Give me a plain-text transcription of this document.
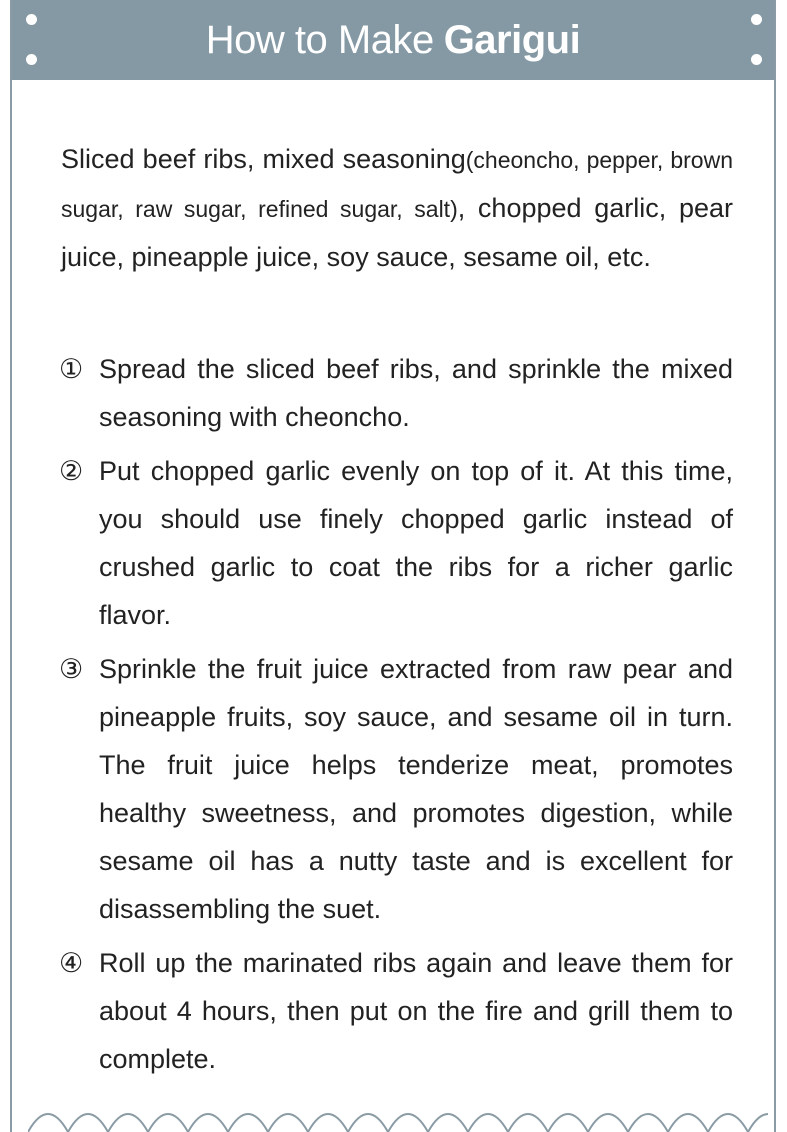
How to Make Garigui
Sliced beef ribs, mixed seasoning(cheoncho, pepper, brown sugar, raw sugar, refined sugar, salt), chopped garlic, pear juice, pineapple juice, soy sauce, sesame oil, etc.
① Spread the sliced beef ribs, and sprinkle the mixed seasoning with cheoncho.
② Put chopped garlic evenly on top of it. At this time, you should use finely chopped garlic instead of crushed garlic to coat the ribs for a richer garlic flavor.
③ Sprinkle the fruit juice extracted from raw pear and pineapple fruits, soy sauce, and sesame oil in turn. The fruit juice helps tenderize meat, promotes healthy sweetness, and promotes digestion, while sesame oil has a nutty taste and is excellent for disassembling the suet.
④ Roll up the marinated ribs again and leave them for about 4 hours, then put on the fire and grill them to complete.
